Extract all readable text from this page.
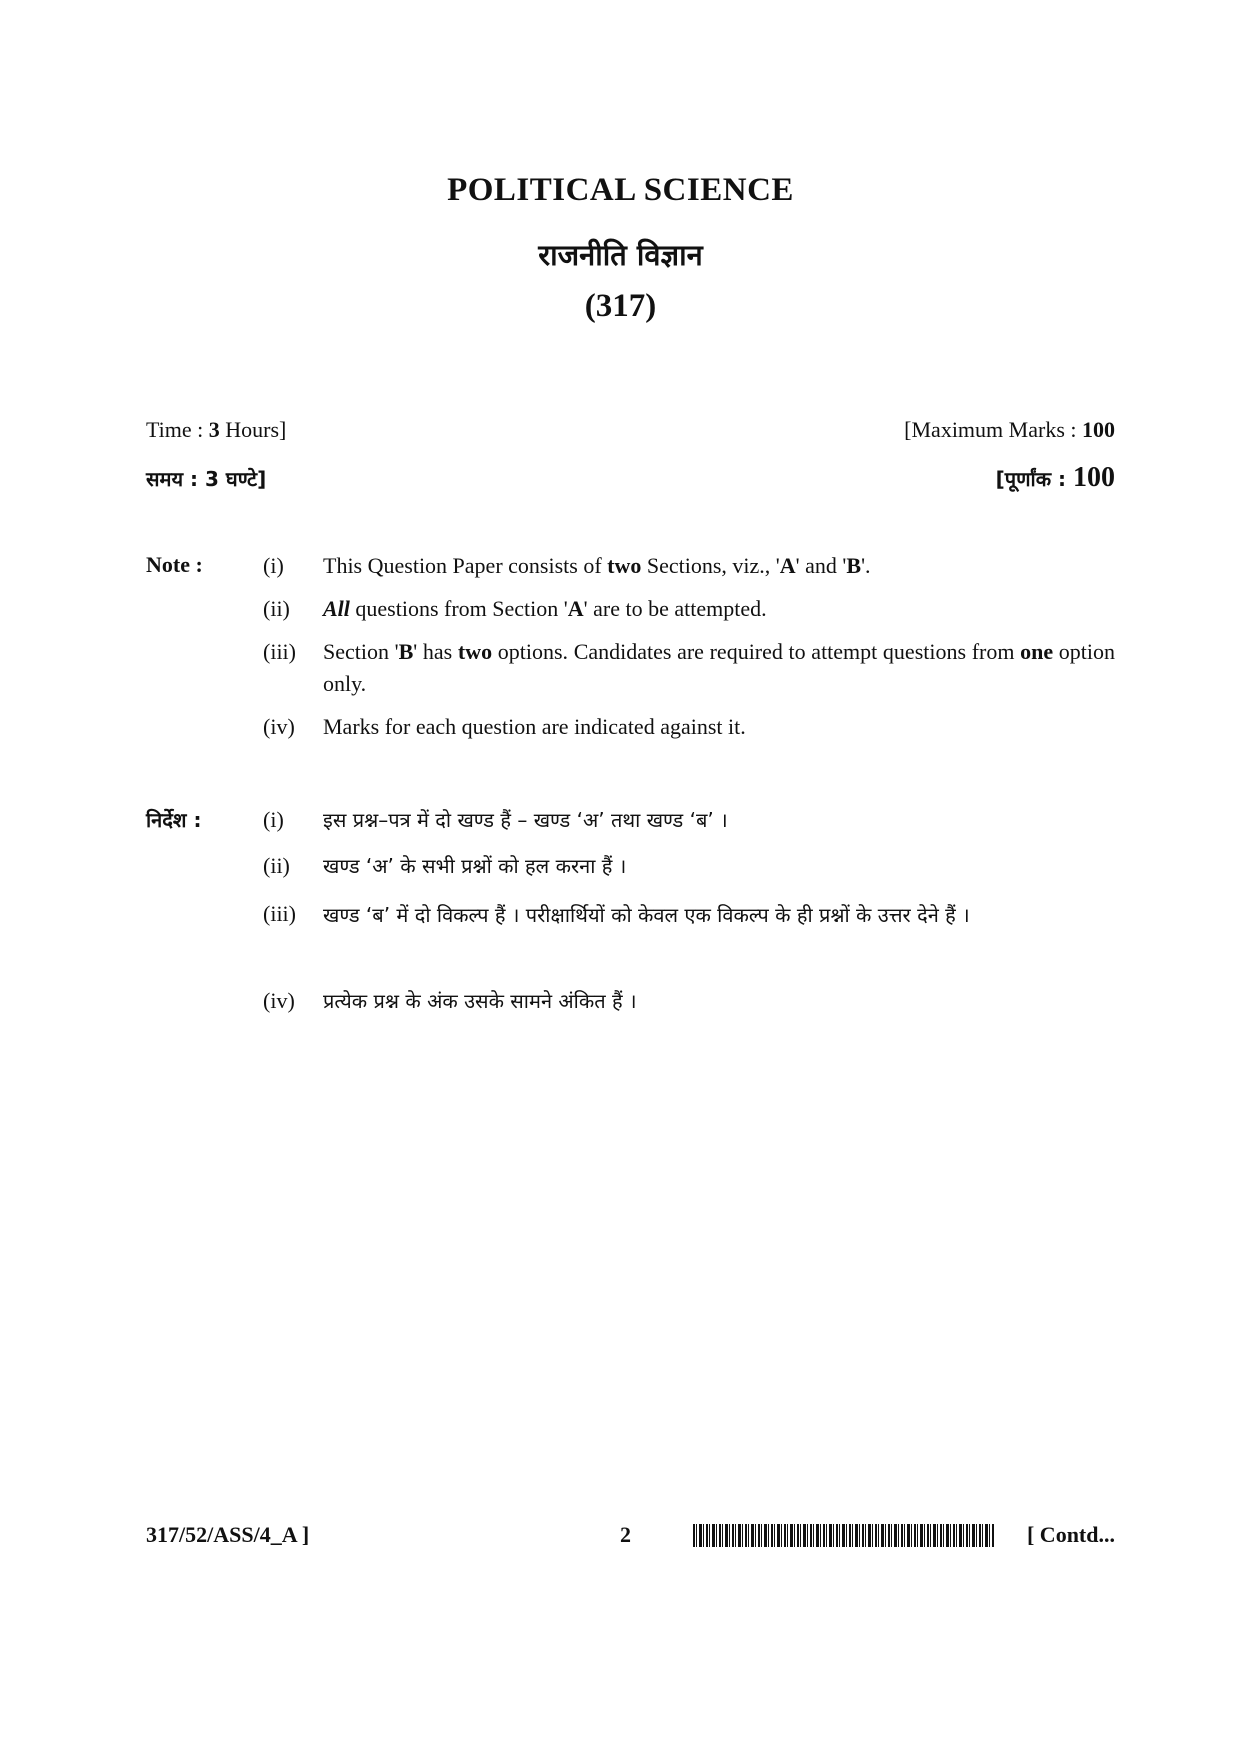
POLITICAL SCIENCE
राजनीति विज्ञान
(317)
Time : 3 Hours]	[Maximum Marks : 100
समय : 3 घण्टे]	[पूर्णांक : 100
Note :	(i)	This Question Paper consists of two Sections, viz., 'A' and 'B'.
(ii)	All questions from Section 'A' are to be attempted.
(iii)	Section 'B' has two options. Candidates are required to attempt questions from one option only.
(iv)	Marks for each question are indicated against it.
निर्देश :	(i)	इस प्रश्न–पत्र में दो खण्ड हैं – खण्ड ‘अ’ तथा खण्ड ‘ब’ ।
(ii)	खण्ड ‘अ’ के सभी प्रश्नों को हल करना हैं ।
(iii)	खण्ड ‘ब’ में दो विकल्प हैं । परीक्षार्थियों को केवल एक विकल्प के ही प्रश्नों के उत्तर देने हैं ।
(iv)	प्रत्येक प्रश्न के अंक उसके सामने अंकित हैं ।
317/52/ASS/4_A ]	2	[ Contd...
